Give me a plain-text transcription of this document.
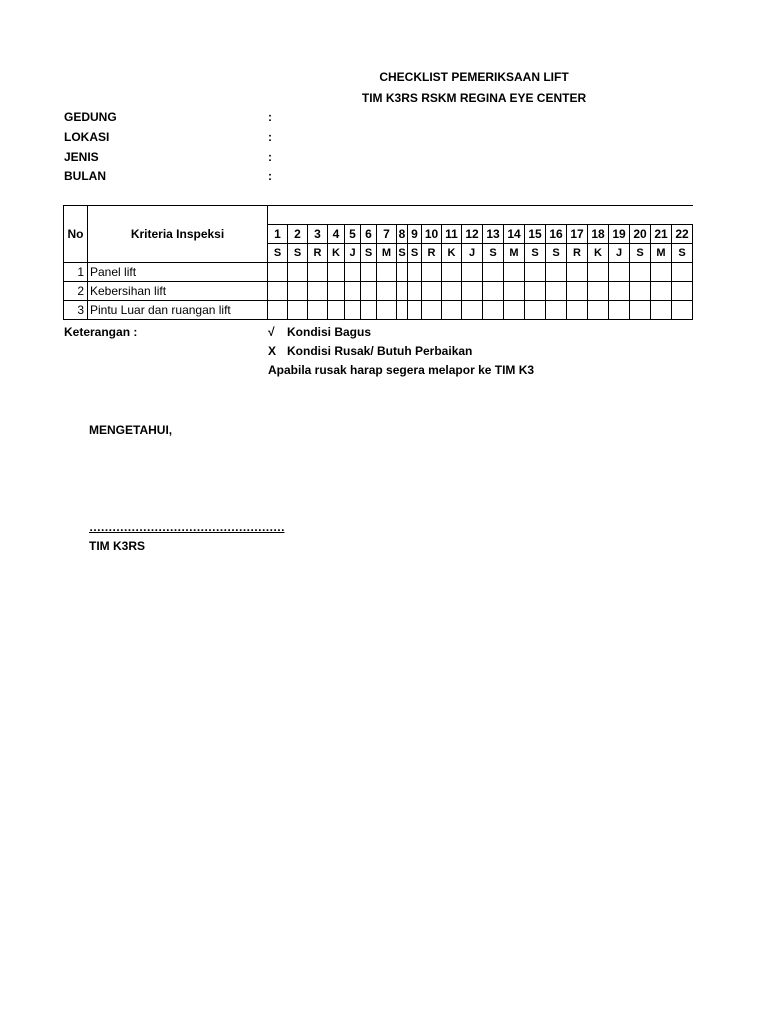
CHECKLIST PEMERIKSAAN LIFT
TIM K3RS RSKM REGINA EYE CENTER
GEDUNG	:
LOKASI	:
JENIS	:
BULAN	:
No	Kriteria Inspeksi																						
		1	2	3	4	5	6	7	8	9	10	11	12	13	14	15	16	17	18	19	20	21	22
		S	S	R	K	J	S	M	S	S	R	K	J	S	M	S	S	R	K	J	S	M	S
1	Panel lift																						
2	Kebersihan lift																						
3	Pintu Luar dan ruangan lift																						
Keterangan :	√ Kondisi Bagus
X Kondisi Rusak/ Butuh Perbaikan
Apabila rusak harap segera melapor ke TIM K3
MENGETAHUI,
……………………………………………
TIM K3RS
